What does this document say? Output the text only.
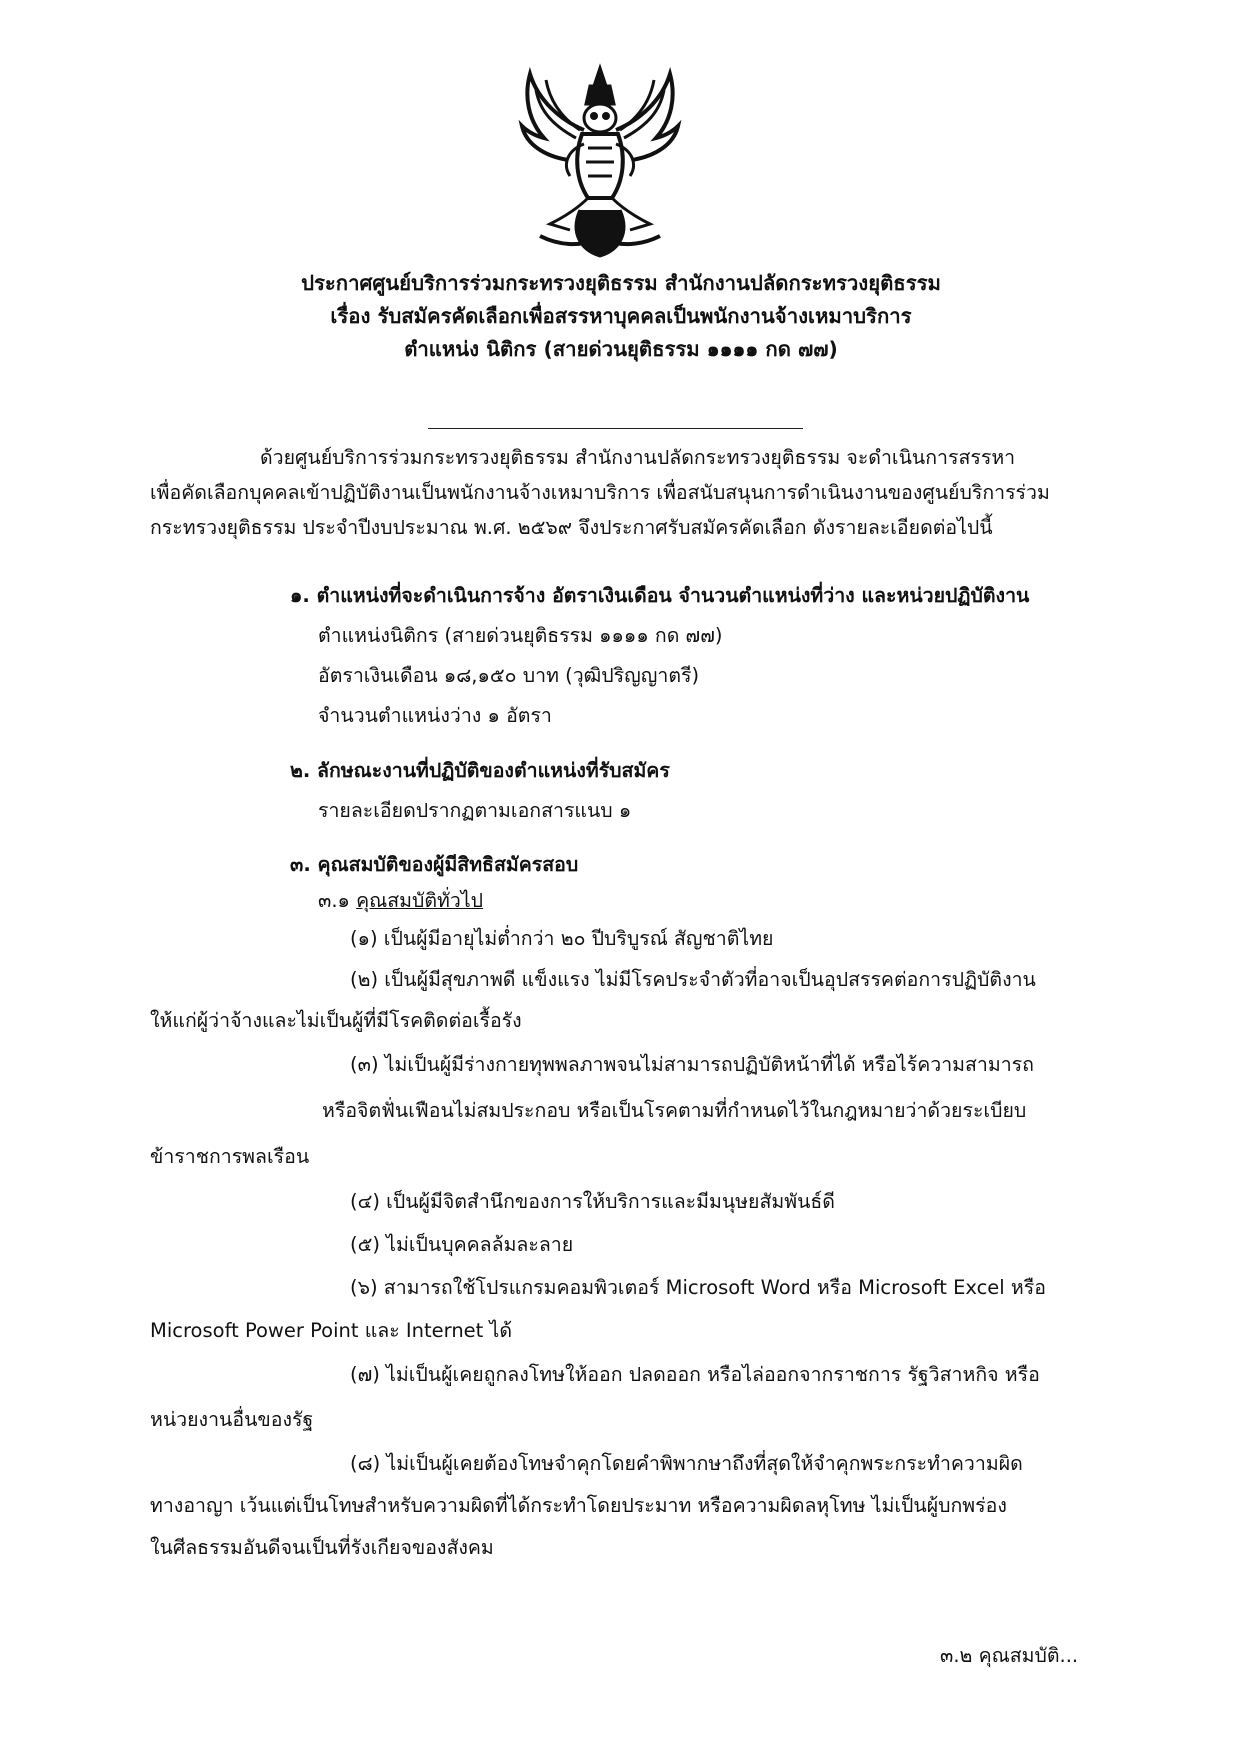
ประกาศศูนย์บริการร่วมกระทรวงยุติธรรม สำนักงานปลัดกระทรวงยุติธรรม
เรื่อง รับสมัครคัดเลือกเพื่อสรรหาบุคคลเป็นพนักงานจ้างเหมาบริการ
ตำแหน่ง นิติกร (สายด่วนยุติธรรม ๑๑๑๑ กด ๗๗)
ด้วยศูนย์บริการร่วมกระทรวงยุติธรรม สำนักงานปลัดกระทรวงยุติธรรม จะดำเนินการสรรหา
เพื่อคัดเลือกบุคคลเข้าปฏิบัติงานเป็นพนักงานจ้างเหมาบริการ เพื่อสนับสนุนการดำเนินงานของศูนย์บริการร่วม
กระทรวงยุติธรรม ประจำปีงบประมาณ พ.ศ. ๒๕๖๙ จึงประกาศรับสมัครคัดเลือก ดังรายละเอียดต่อไปนี้
๑. ตำแหน่งที่จะดำเนินการจ้าง อัตราเงินเดือน จำนวนตำแหน่งที่ว่าง และหน่วยปฏิบัติงาน
ตำแหน่งนิติกร (สายด่วนยุติธรรม ๑๑๑๑ กด ๗๗)
อัตราเงินเดือน ๑๘,๑๕๐ บาท (วุฒิปริญญาตรี)
จำนวนตำแหน่งว่าง ๑ อัตรา
๒. ลักษณะงานที่ปฏิบัติของตำแหน่งที่รับสมัคร
รายละเอียดปรากฏตามเอกสารแนบ ๑
๓. คุณสมบัติของผู้มีสิทธิสมัครสอบ
๓.๑ คุณสมบัติทั่วไป
(๑) เป็นผู้มีอายุไม่ต่ำกว่า ๒๐ ปีบริบูรณ์ สัญชาติไทย
(๒) เป็นผู้มีสุขภาพดี แข็งแรง ไม่มีโรคประจำตัวที่อาจเป็นอุปสรรคต่อการปฏิบัติงาน
ให้แก่ผู้ว่าจ้างและไม่เป็นผู้ที่มีโรคติดต่อเรื้อรัง
(๓) ไม่เป็นผู้มีร่างกายทุพพลภาพจนไม่สามารถปฏิบัติหน้าที่ได้ หรือไร้ความสามารถ
หรือจิตฟั่นเฟือนไม่สมประกอบ หรือเป็นโรคตามที่กำหนดไว้ในกฎหมายว่าด้วยระเบียบ
ข้าราชการพลเรือน
(๔) เป็นผู้มีจิตสำนึกของการให้บริการและมีมนุษยสัมพันธ์ดี
(๕) ไม่เป็นบุคคลล้มละลาย
(๖) สามารถใช้โปรแกรมคอมพิวเตอร์ Microsoft Word หรือ Microsoft Excel หรือ
Microsoft Power Point และ Internet ได้
(๗) ไม่เป็นผู้เคยถูกลงโทษให้ออก ปลดออก หรือไล่ออกจากราชการ รัฐวิสาหกิจ หรือ
หน่วยงานอื่นของรัฐ
(๘) ไม่เป็นผู้เคยต้องโทษจำคุกโดยคำพิพากษาถึงที่สุดให้จำคุกพระกระทำความผิด
ทางอาญา เว้นแต่เป็นโทษสำหรับความผิดที่ได้กระทำโดยประมาท หรือความผิดลหุโทษ ไม่เป็นผู้บกพร่อง
ในศีลธรรมอันดีจนเป็นที่รังเกียจของสังคม
๓.๒ คุณสมบัติ...
